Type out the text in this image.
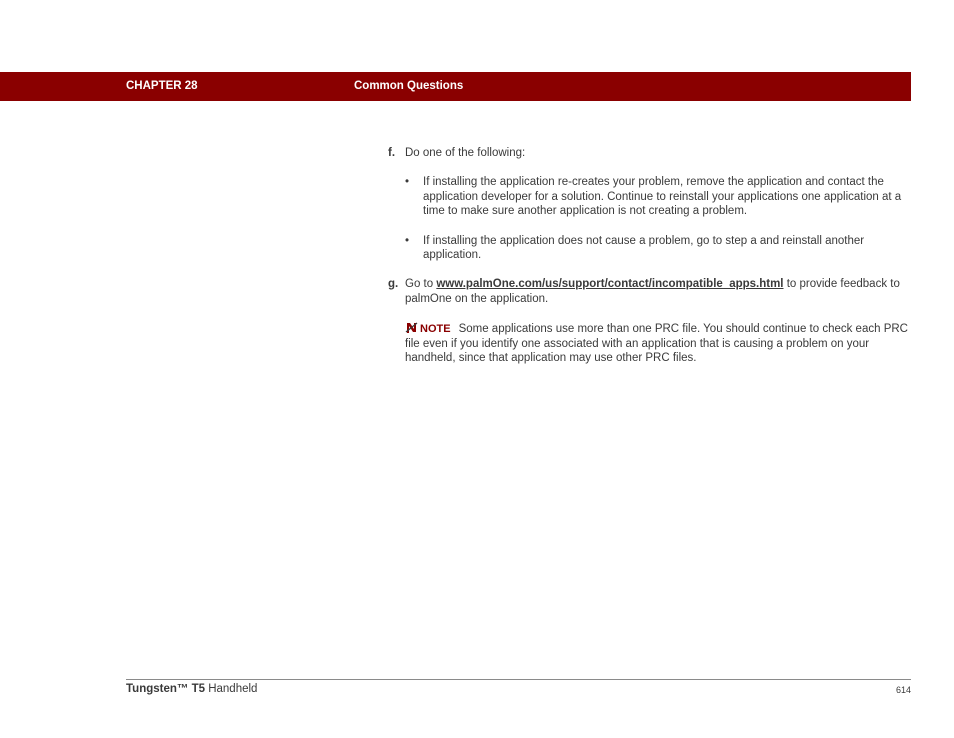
CHAPTER 28	Common Questions
f. Do one of the following:
• If installing the application re-creates your problem, remove the application and contact the application developer for a solution. Continue to reinstall your applications one application at a time to make sure another application is not creating a problem.
• If installing the application does not cause a problem, go to step a and reinstall another application.
g. Go to www.palmOne.com/us/support/contact/incompatible_apps.html to provide feedback to palmOne on the application.
NOTE Some applications use more than one PRC file. You should continue to check each PRC file even if you identify one associated with an application that is causing a problem on your handheld, since that application may use other PRC files.
Tungsten™ T5 Handheld	614
